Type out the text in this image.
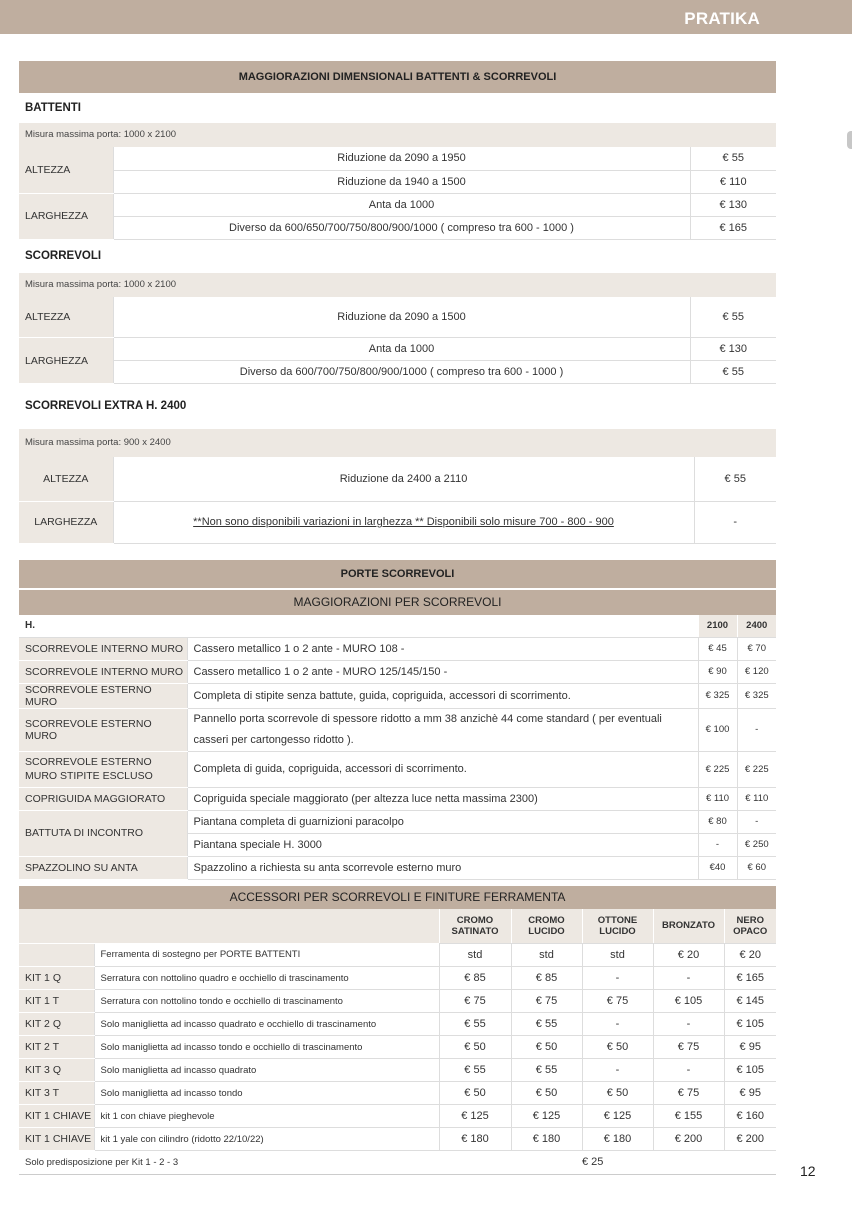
PRATIKA
MAGGIORAZIONI DIMENSIONALI BATTENTI & SCORREVOLI
BATTENTI
Misura massima porta: 1000 x 2100
ALTEZZA	Riduzione da 2090 a 1950	€ 55
	Riduzione da 1940 a 1500	€ 110
LARGHEZZA	Anta da 1000	€ 130
	Diverso da 600/650/700/750/800/900/1000 ( compreso tra 600 - 1000 )	€ 165
SCORREVOLI
Misura massima porta: 1000 x 2100
ALTEZZA	Riduzione da 2090 a 1500	€ 55
LARGHEZZA	Anta da 1000	€ 130
	Diverso da 600/700/750/800/900/1000 ( compreso tra 600 - 1000 )	€ 55
SCORREVOLI EXTRA H. 2400
Misura massima porta: 900 x 2400
ALTEZZA	Riduzione da 2400 a 2110	€ 55
LARGHEZZA	**Non sono disponibili variazioni in larghezza ** Disponibili solo misure 700 - 800 - 900	-
PORTE SCORREVOLI
MAGGIORAZIONI PER SCORREVOLI
H.		2100	2400
SCORREVOLE INTERNO MURO	Cassero metallico 1 o 2 ante - MURO 108 -	€ 45	€ 70
SCORREVOLE INTERNO MURO	Cassero metallico 1 o 2 ante - MURO 125/145/150 -	€ 90	€ 120
SCORREVOLE ESTERNO MURO	Completa di stipite senza battute, guida, copriguida, accessori di scorrimento.	€ 325	€ 325
SCORREVOLE ESTERNO MURO	Pannello porta scorrevole di spessore ridotto a mm 38 anzichè 44 come standard ( per eventuali casseri per cartongesso ridotto ).	€ 100	-
SCORREVOLE ESTERNO MURO STIPITE ESCLUSO	Completa di guida, copriguida, accessori di scorrimento.	€ 225	€ 225
COPRIGUIDA MAGGIORATO	Copriguida speciale maggiorato (per altezza luce netta massima 2300)	€ 110	€ 110
BATTUTA DI INCONTRO	Piantana completa di guarnizioni paracolpo	€ 80	-
	Piantana speciale H. 3000	-	€ 250
SPAZZOLINO SU ANTA	Spazzolino a richiesta su anta scorrevole esterno muro	€40	€ 60
ACCESSORI PER SCORREVOLI E FINITURE FERRAMENTA
		CROMO SATINATO	CROMO LUCIDO	OTTONE LUCIDO	BRONZATO	NERO OPACO
	Ferramenta di sostegno per PORTE BATTENTI	std	std	std	€ 20	€ 20
KIT 1 Q	Serratura con nottolino quadro e occhiello di trascinamento	€ 85	€ 85	-	-	€ 165
KIT 1 T	Serratura con nottolino tondo e occhiello di trascinamento	€ 75	€ 75	€ 75	€ 105	€ 145
KIT 2 Q	Solo maniglietta ad incasso quadrato e occhiello di trascinamento	€ 55	€ 55	-	-	€ 105
KIT 2 T	Solo maniglietta ad incasso tondo e occhiello di trascinamento	€ 50	€ 50	€ 50	€ 75	€ 95
KIT 3 Q	Solo maniglietta ad incasso quadrato	€ 55	€ 55	-	-	€ 105
KIT 3 T	Solo maniglietta ad incasso tondo	€ 50	€ 50	€ 50	€ 75	€ 95
KIT 1 CHIAVE	kit 1 con chiave pieghevole	€ 125	€ 125	€ 125	€ 155	€ 160
KIT 1 CHIAVE	kit 1 yale con cilindro (ridotto 22/10/22)	€ 180	€ 180	€ 180	€ 200	€ 200
Solo predisposizione per Kit 1 - 2 - 3	€ 25	
12
